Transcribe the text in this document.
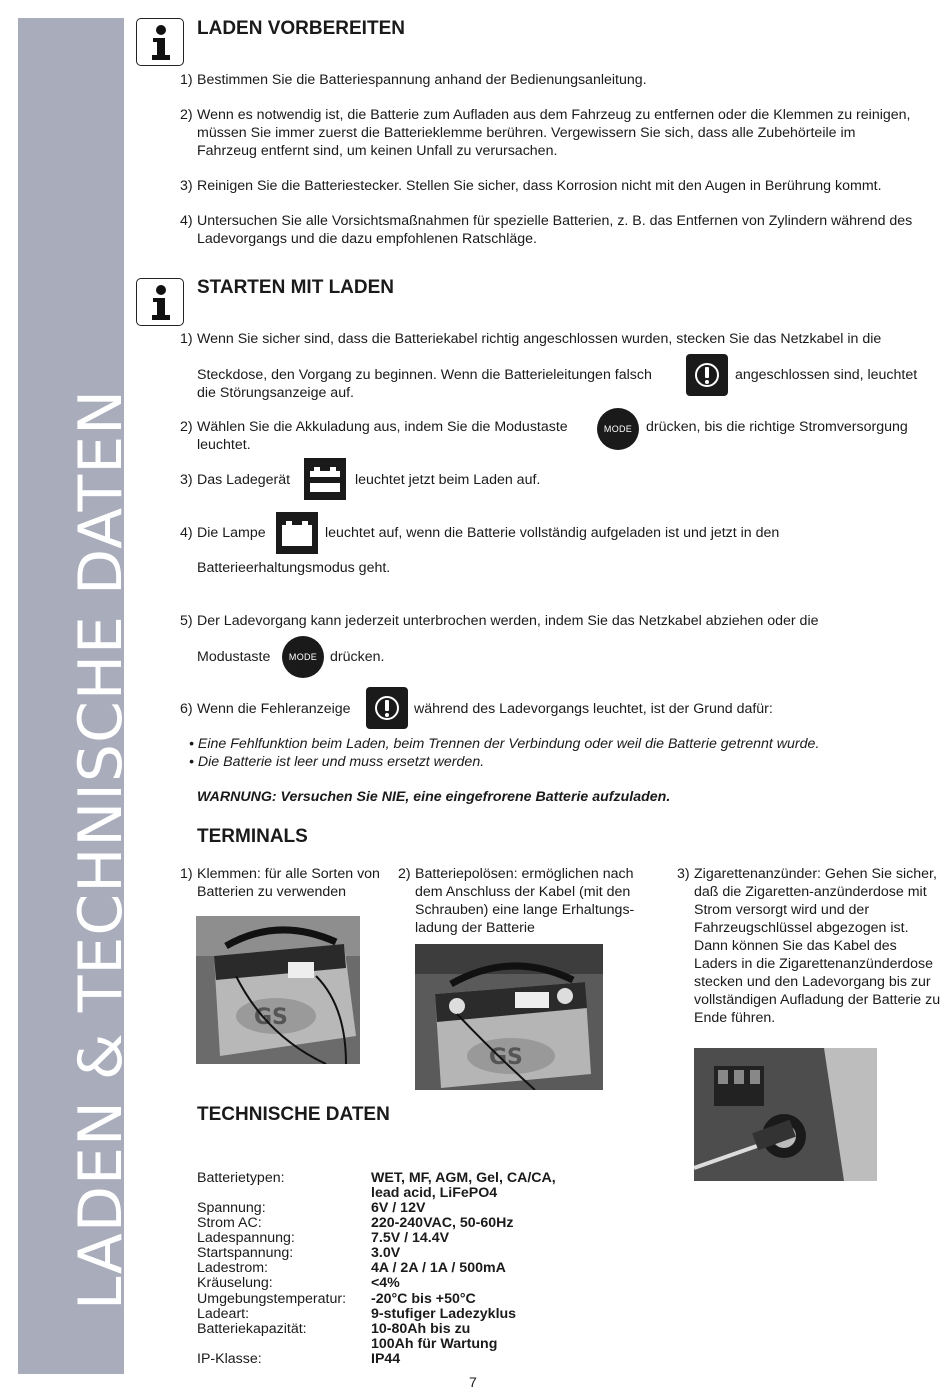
LADEN & TECHNISCHE DATEN
LADEN VORBEREITEN
1) Bestimmen Sie die Batteriespannung anhand der Bedienungsanleitung.
2) Wenn es notwendig ist, die Batterie zum Aufladen aus dem Fahrzeug zu entfernen oder die Klemmen zu reinigen, müssen Sie immer zuerst die Batterieklemme berühren. Vergewissern Sie sich, dass alle Zubehörteile im Fahrzeug entfernt sind, um keinen Unfall zu verursachen.
3) Reinigen Sie die Batteriestecker. Stellen Sie sicher, dass Korrosion nicht mit den Augen in Berührung kommt.
4) Untersuchen Sie alle Vorsichtsmaßnahmen für spezielle Batterien, z. B. das Entfernen von Zylindern während des Ladevorgangs und die dazu empfohlenen Ratschläge.
STARTEN MIT LADEN
1) Wenn Sie sicher sind, dass die Batteriekabel richtig angeschlossen wurden, stecken Sie das Netzkabel in die
Steckdose, den Vorgang zu beginnen. Wenn die Batterieleitungen falsch	angeschlossen sind, leuchtet
die Störungsanzeige auf.
2) Wählen Sie die Akkuladung aus, indem Sie die Modustaste	MODE drücken, bis die richtige Stromversorgung
leuchtet.
3) Das Ladegerät	leuchtet jetzt beim Laden auf.
4) Die Lampe	leuchtet auf, wenn die Batterie vollständig aufgeladen ist und jetzt in den
Batterieerhaltungsmodus geht.
5) Der Ladevorgang kann jederzeit unterbrochen werden, indem Sie das Netzkabel abziehen oder die
Modustaste	MODE drücken.
6) Wenn die Fehleranzeige	während des Ladevorgangs leuchtet, ist der Grund dafür:
• Eine Fehlfunktion beim Laden, beim Trennen der Verbindung oder weil die Batterie getrennt wurde.
• Die Batterie ist leer und muss ersetzt werden.
WARNUNG: Versuchen Sie NIE, eine eingefrorene Batterie aufzuladen.
TERMINALS
1) Klemmen: für alle Sorten von Batterien zu verwenden
2) Batteriepolösen: ermöglichen nach dem Anschluss der Kabel (mit den Schrauben) eine lange Erhaltungs-ladung der Batterie
3) Zigarettenanzünder: Gehen Sie sicher, daß die Zigaretten-anzünderdose mit Strom versorgt wird und der Fahrzeugschlüssel abgezogen ist. Dann können Sie das Kabel des Laders in die Zigarettenanzünderdose stecken und den Ladevorgang bis zur vollständigen Aufladung der Batterie zu Ende führen.
GS
GS
TECHNISCHE DATEN
Batterietypen:	WET, MF, AGM, Gel, CA/CA,
lead acid, LiFePO4
Spannung:	6V / 12V
Strom AC:	220-240VAC, 50-60Hz
Ladespannung:	7.5V / 14.4V
Startspannung:	3.0V
Ladestrom:	4A / 2A / 1A / 500mA
Kräuselung:	<4%
Umgebungstemperatur: -20°C bis +50°C
Ladeart:	9-stufiger Ladezyklus
Batteriekapazität:	10-80Ah bis zu
100Ah für Wartung
IP-Klasse:	IP44
7
